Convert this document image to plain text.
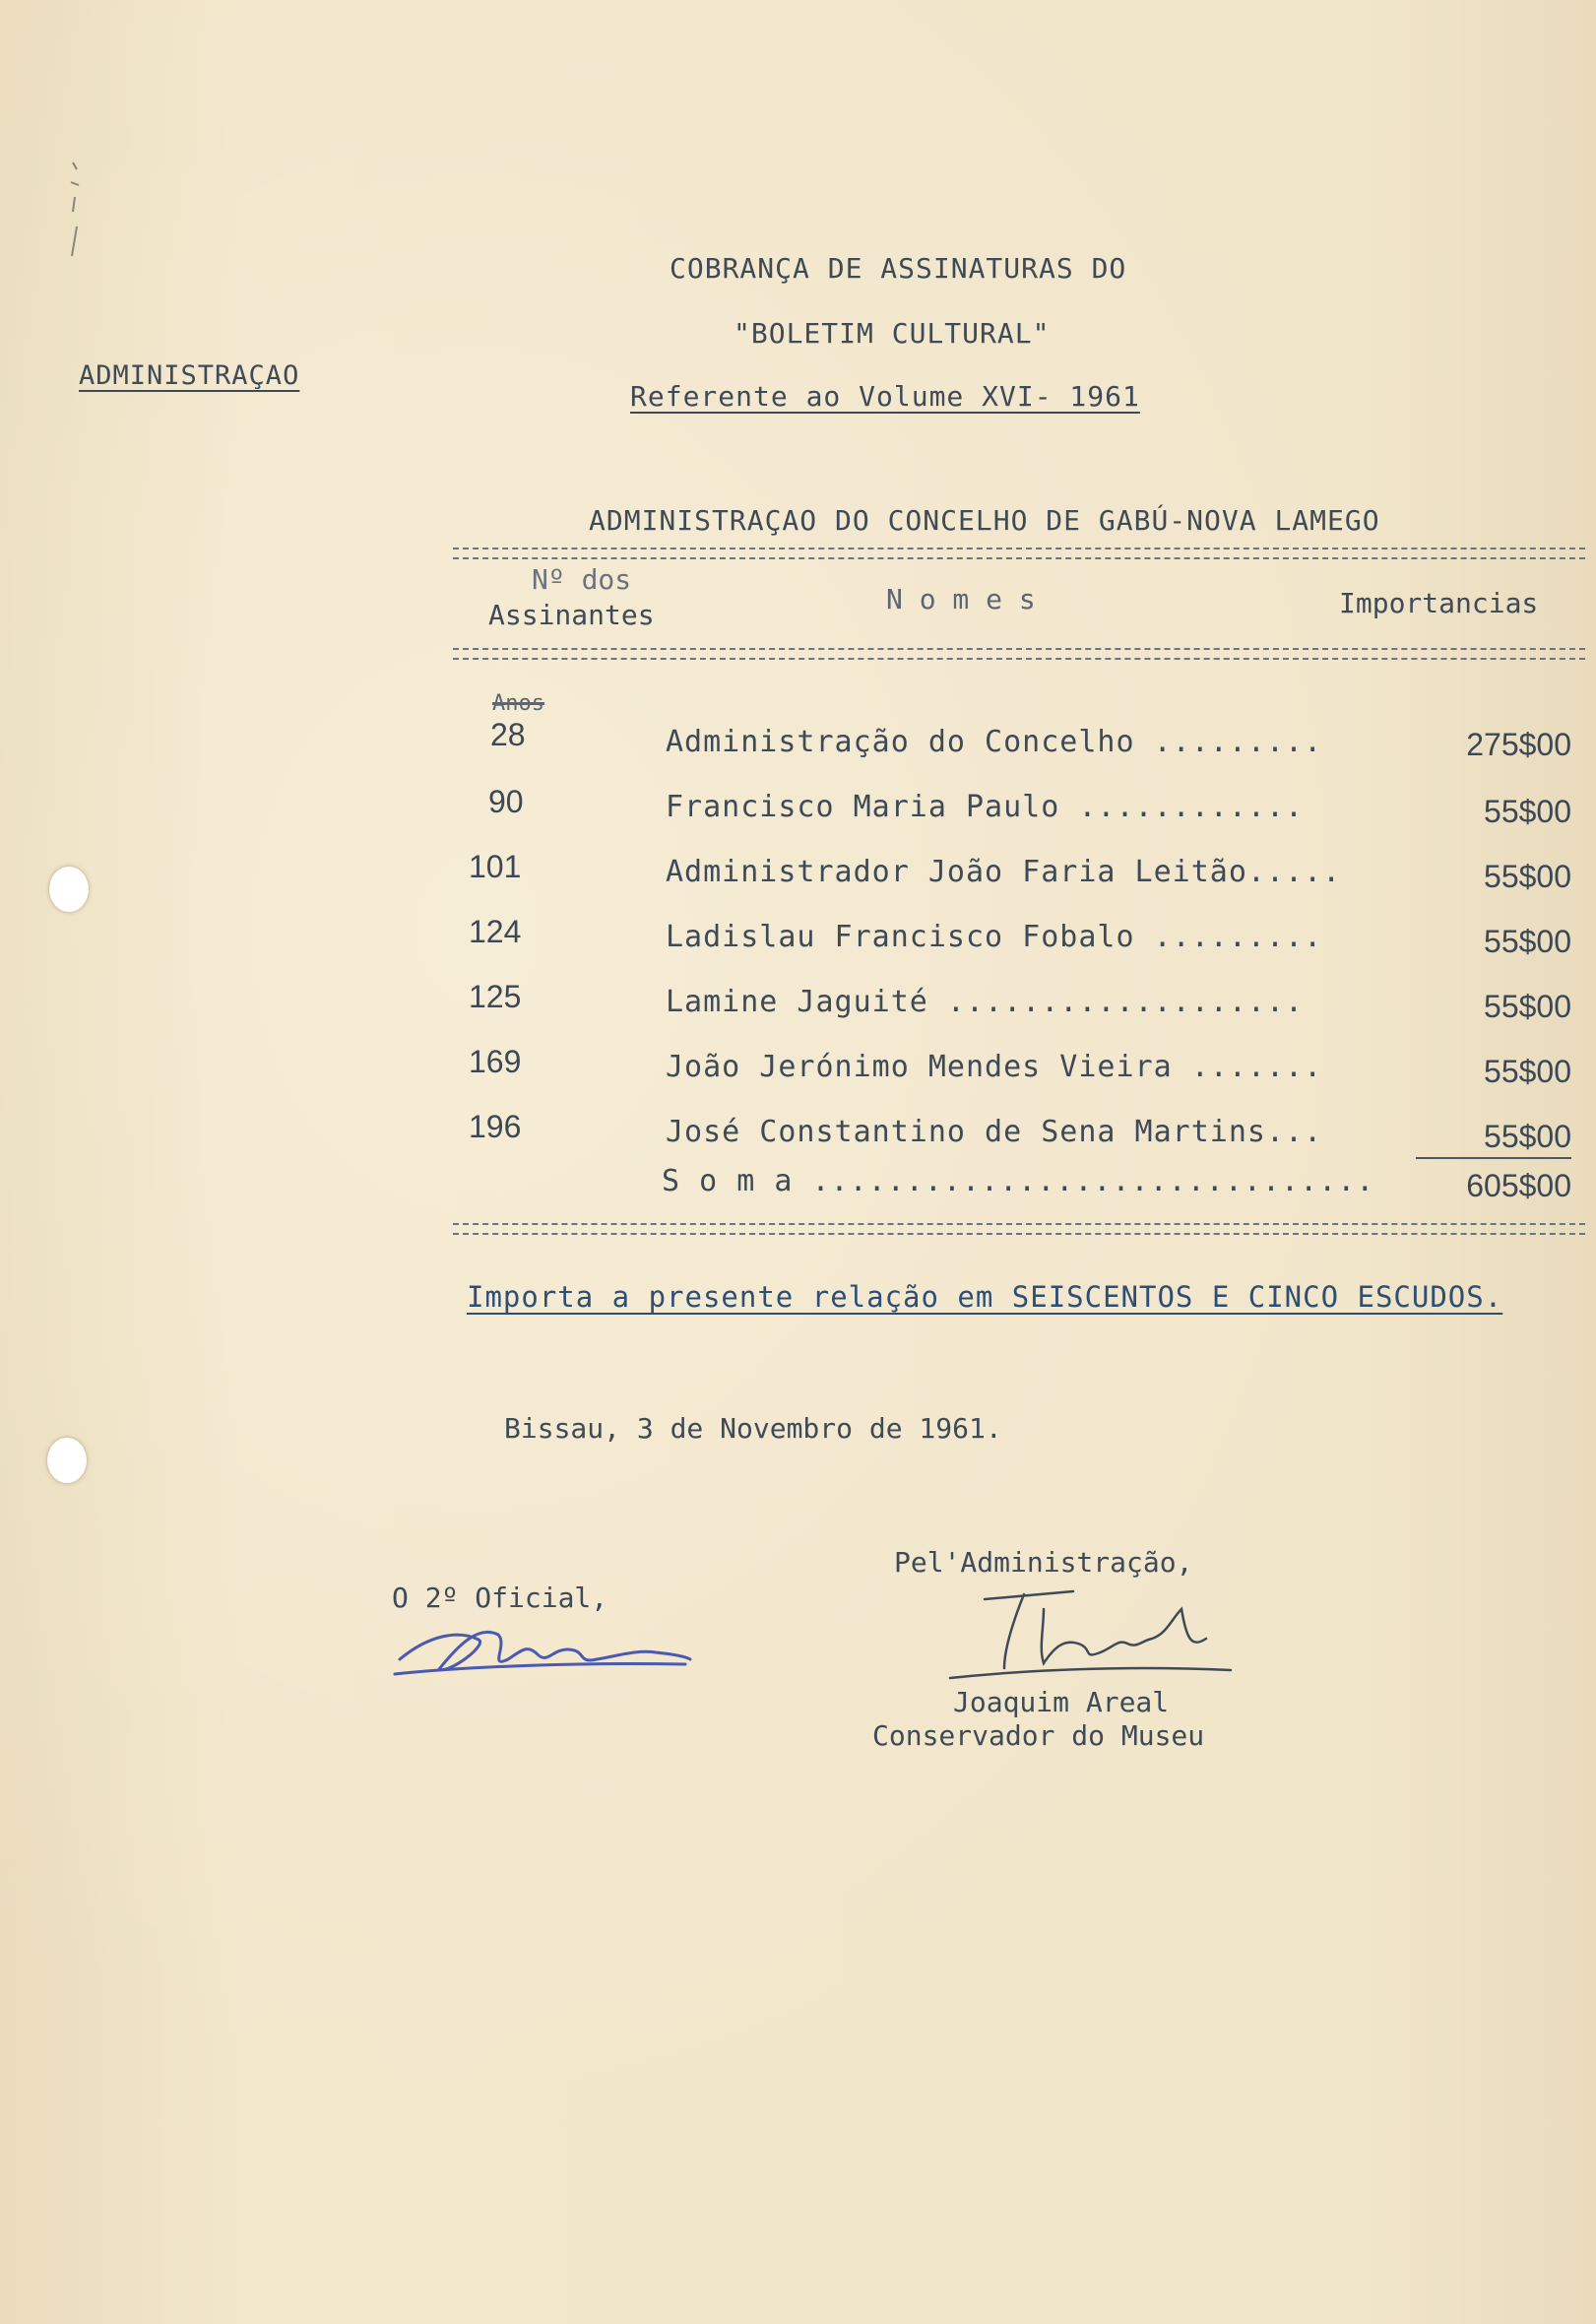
COBRANÇA DE ASSINATURAS DO
"BOLETIM CULTURAL"
Referente ao Volume XVI- 1961
ADMINISTRAÇAO
ADMINISTRAÇAO DO CONCELHO DE GABÚ-NOVA LAMEGO
Nº dos
Assinantes	N o m e s	Importancias
Anos
28	Administração do Concelho .........	275$00
90	Francisco Maria Paulo ............	55$00
101	Administrador João Faria Leitão.....	55$00
124	Ladislau Francisco Fobalo .........	55$00
125	Lamine Jaguité ...................	55$00
169	João Jerónimo Mendes Vieira .......	55$00
196	José Constantino de Sena Martins...	55$00
S o m a ..............................	605$00
Importa a presente relação em SEISCENTOS E CINCO ESCUDOS.
Bissau, 3 de Novembro de 1961.
O 2º Oficial,
Pel'Administração,
Joaquim Areal
Conservador do Museu
